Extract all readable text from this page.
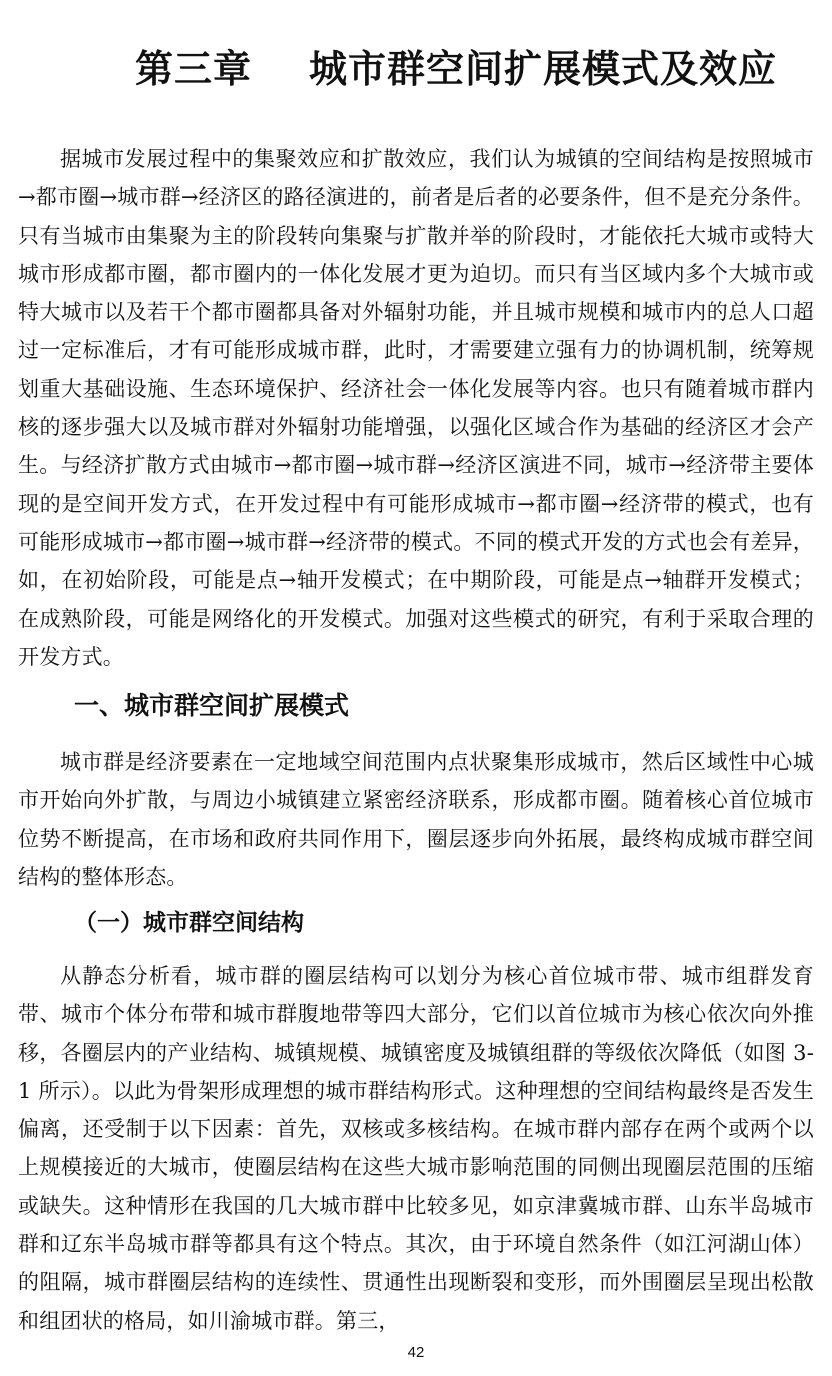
第三章    城市群空间扩展模式及效应

据城市发展过程中的集聚效应和扩散效应，我们认为城镇的空间结构是按照城市→都市圈→城市群→经济区的路径演进的，前者是后者的必要条件，但不是充分条件。只有当城市由集聚为主的阶段转向集聚与扩散并举的阶段时，才能依托大城市或特大城市形成都市圈，都市圈内的一体化发展才更为迫切。而只有当区域内多个大城市或特大城市以及若干个都市圈都具备对外辐射功能，并且城市规模和城市内的总人口超过一定标准后，才有可能形成城市群，此时，才需要建立强有力的协调机制，统筹规划重大基础设施、生态环境保护、经济社会一体化发展等内容。也只有随着城市群内核的逐步强大以及城市群对外辐射功能增强，以强化区域合作为基础的经济区才会产生。与经济扩散方式由城市→都市圈→城市群→经济区演进不同，城市→经济带主要体现的是空间开发方式，在开发过程中有可能形成城市→都市圈→经济带的模式，也有可能形成城市→都市圈→城市群→经济带的模式。不同的模式开发的方式也会有差异，如，在初始阶段，可能是点→轴开发模式；在中期阶段，可能是点→轴群开发模式；在成熟阶段，可能是网络化的开发模式。加强对这些模式的研究，有利于采取合理的开发方式。

一、城市群空间扩展模式

城市群是经济要素在一定地域空间范围内点状聚集形成城市，然后区域性中心城市开始向外扩散，与周边小城镇建立紧密经济联系，形成都市圈。随着核心首位城市位势不断提高，在市场和政府共同作用下，圈层逐步向外拓展，最终构成城市群空间结构的整体形态。

（一）城市群空间结构

从静态分析看，城市群的圈层结构可以划分为核心首位城市带、城市组群发育带、城市个体分布带和城市群腹地带等四大部分，它们以首位城市为核心依次向外推移，各圈层内的产业结构、城镇规模、城镇密度及城镇组群的等级依次降低（如图 3-1 所示）。以此为骨架形成理想的城市群结构形式。这种理想的空间结构最终是否发生偏离，还受制于以下因素：首先，双核或多核结构。在城市群内部存在两个或两个以上规模接近的大城市，使圈层结构在这些大城市影响范围的同侧出现圈层范围的压缩或缺失。这种情形在我国的几大城市群中比较多见，如京津冀城市群、山东半岛城市群和辽东半岛城市群等都具有这个特点。其次，由于环境自然条件（如江河湖山体）的阻隔，城市群圈层结构的连续性、贯通性出现断裂和变形，而外围圈层呈现出松散和组团状的格局，如川渝城市群。第三，

42
